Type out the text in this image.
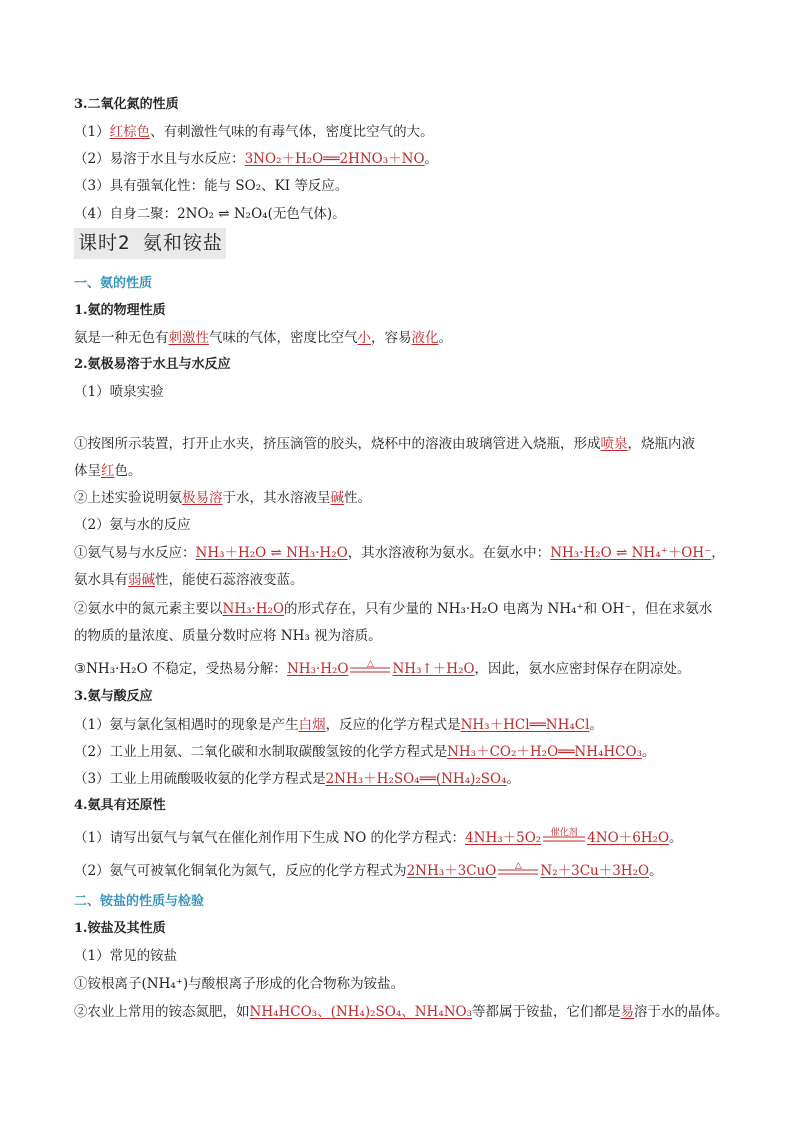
3.二氧化氮的性质
（1）红棕色、有刺激性气味的有毒气体，密度比空气的大。
（2）易溶于水且与水反应：3NO₂＋H₂O══2HNO₃＋NO。
（3）具有强氧化性：能与 SO₂、KI 等反应。
（4）自身二聚：2NO₂ ⇌ N₂O₄(无色气体)。
课时2 氨和铵盐
一、氨的性质
1.氨的物理性质
氨是一种无色有刺激性气味的气体，密度比空气小，容易液化。
2.氨极易溶于水且与水反应
（1）喷泉实验
①按图所示装置，打开止水夹，挤压滴管的胶头，烧杯中的溶液由玻璃管进入烧瓶，形成喷泉，烧瓶内液
体呈红色。
②上述实验说明氨极易溶于水，其水溶液呈碱性。
（2）氨与水的反应
①氨气易与水反应：NH₃＋H₂O ⇌ NH₃·H₂O，其水溶液称为氨水。在氨水中：NH₃·H₂O ⇌ NH₄⁺＋OH⁻，
氨水具有弱碱性，能使石蕊溶液变蓝。
②氨水中的氮元素主要以NH₃·H₂O的形式存在，只有少量的 NH₃·H₂O 电离为 NH₄⁺和 OH⁻，但在求氨水
的物质的量浓度、质量分数时应将 NH₃ 视为溶质。
③NH₃·H₂O 不稳定，受热易分解：NH₃·H₂O	△	NH₃↑＋H₂O，因此，氨水应密封保存在阴凉处。
3.氨与酸反应
（1）氨与氯化氢相遇时的现象是产生白烟，反应的化学方程式是NH₃＋HCl══NH₄Cl。
（2）工业上用氨、二氧化碳和水制取碳酸氢铵的化学方程式是NH₃＋CO₂＋H₂O══NH₄HCO₃。
（3）工业上用硫酸吸收氨的化学方程式是2NH₃＋H₂SO₄══(NH₄)₂SO₄。
4.氨具有还原性
（1）请写出氨气与氧气在催化剂作用下生成 NO 的化学方程式：4NH₃＋5O₂	催化剂 4NO＋6H₂O。
（2）氨气可被氧化铜氧化为氮气，反应的化学方程式为2NH₃＋3CuO	△	N₂＋3Cu＋3H₂O。
二、铵盐的性质与检验
1.铵盐及其性质
（1）常见的铵盐
①铵根离子(NH₄⁺)与酸根离子形成的化合物称为铵盐。
②农业上常用的铵态氮肥，如NH₄HCO₃、(NH₄)₂SO₄、NH₄NO₃等都属于铵盐，它们都是易溶于水的晶体。
